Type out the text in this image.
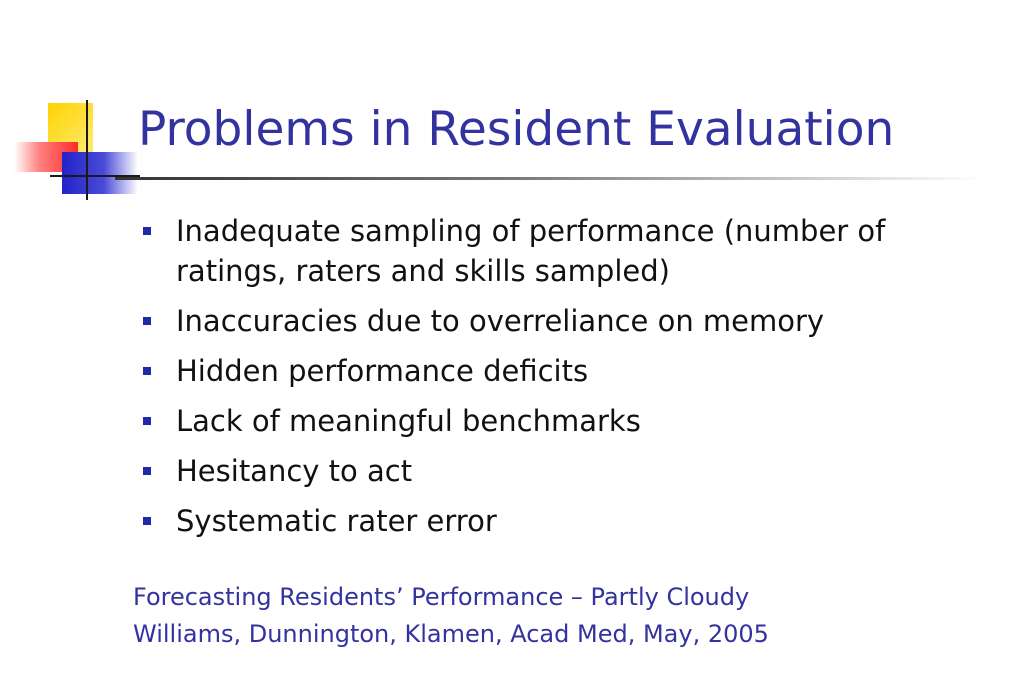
Problems in Resident Evaluation
Inadequate sampling of performance (number of ratings, raters and skills sampled)
Inaccuracies due to overreliance on memory
Hidden performance deficits
Lack of meaningful benchmarks
Hesitancy to act
Systematic rater error
Forecasting Residents’ Performance – Partly Cloudy
Williams, Dunnington, Klamen, Acad Med, May, 2005
